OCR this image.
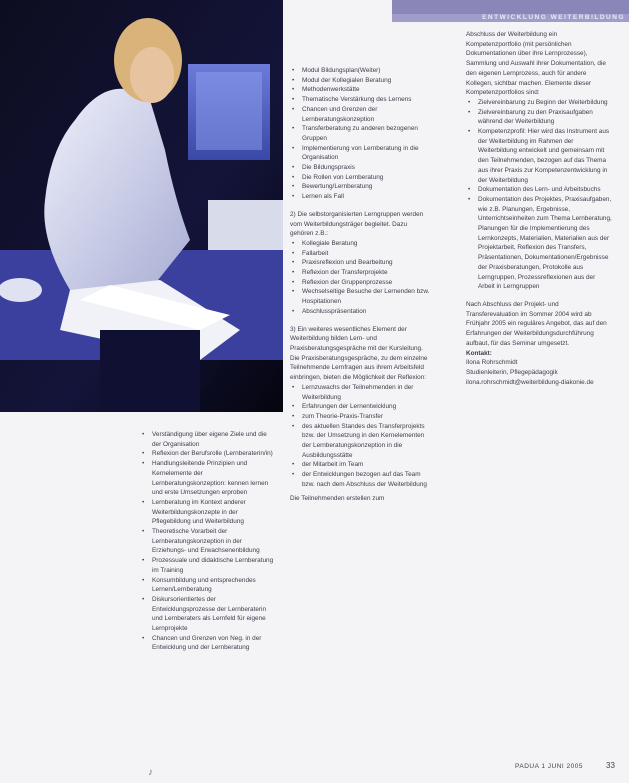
ENTWICKLUNG WEITERBILDUNG
• Verständigung über eigene Ziele und die der Organisation
• Reflexion der Berufsrolle (Lernberaterin/in)
• Handlungsleitende Prinzipien und Kernelemente der Lernberatungskonzeption: kennen lernen und erste Umsetzungen erproben
• Lernberatung im Kontext anderer Weiterbildungskonzepte in der Pflegebildung und Weiterbildung
• Theoretische Vorarbeit der Lernberatungskonzeption in der Erziehungs- und Erwachsenenbildung
• Prozessuale und didaktische Lernberatung im Training
• Konsumbildung und entsprechendes Lernen/Lernberatung
• Diskursorientiertes der Entwicklungsprozesse der Lernberaterin und Lernberaters als Lernfeld für eigene Lernprojekte
• Chancen und Grenzen von Neg. in der Entwicklung und der Lernberatung
• Modul Bildungsplan(Weiter)
• Modul der Kollegialen Beratung
• Methodenwerkstätte
• Thematische Verstärkung des Lernens
• Chancen und Grenzen der Lernberatungskonzeption
• Transferberatung zu anderen bezogenen Gruppen
• Implementierung von Lernberatung in die Organisation
• Die Bildungspraxis
• Die Rollen von Lernberatung
• Bewertung/Lernberatung
• Lernen als Fall

2) Die selbstorganisierten Lerngruppen werden vom Weiterbildungsträger begleitet. Dazu gehören z.B.:

• Kollegiale Beratung
• Fallarbeit
• Praxisreflexion und Bearbeitung
• Reflexion der Transferprojekte
• Reflexion der Gruppenprozesse
• Wechselseitige Besuche der Lernenden bzw. Hospitationen
• Abschlusspräsentation

3) Ein weiteres wesentliches Element der Weiterbildung bilden Lern- und Praxisberatungsgespräche mit der Kursleitung. Die Praxisberatungsgespräche, zu dem einzelne Teilnehmende Lernfragen aus ihrem Arbeitsfeld einbringen, bieten die Möglichkeit der Reflexion:

• Lernzuwachs der Teilnehmenden in der Weiterbildung
• Erfahrungen der Lernentwicklung
• zum Theorie-Praxis-Transfer
• des aktuellen Standes des Transferprojekts bzw. der Umsetzung in den Kernelementen der Lernberatungskonzeption in die Ausbildungsstätte
• der Mitarbeit im Team
• der Entwicklungen bezogen auf das Team bzw. nach dem Abschluss der Weiterbildung

Die Teilnehmenden erstellen zum

Abschluss der Weiterbildung ein Kompetenzportfolio (mit persönlichen Dokumentationen über ihre Lernprozesse), Sammlung und Auswahl ihrer Dokumentation, die den eigenen Lernprozess, auch für andere Kollegen, sichtbar machen. Elemente dieser Kompetenzportfolios sind:

• Zielvereinbarung zu Beginn der Weiterbildung
• Zielvereinbarung zu den Praxisaufgaben während der Weiterbildung
• Kompetenzprofil: Hier wird das Instrument aus der Weiterbildung im Rahmen der Weiterbildung entwickelt und gemeinsam mit den Teilnehmenden, bezogen auf das Thema aus ihrer Praxis zur Kompetenzentwicklung in der Weiterbildung
• Dokumentation des Lern- und Arbeitsbuchs
• Dokumentation des Projektes, Praxisaufgaben, wie z.B. Planungen, Ergebnisse, Unterrichtseinheiten zum Thema Lernberatung, Planungen für die Implementierung des Lernkonzepts, Materialien, Materialien aus der Projektarbeit, Reflexion des Transfers, Präsentationen, Dokumentationen/Ergebnisse der Praxisberatungen, Protokolle aus Lerngruppen, Prozessreflexionen aus der Arbeit in Lerngruppen

Nach Abschluss der Projekt- und Transferevaluation im Sommer 2004 wird ab Frühjahr 2005 ein reguläres Angebot, das auf den Erfahrungen der Weiterbildungsdurchführung aufbaut, für das Seminar umgesetzt.

Kontakt:

Ilona Rohrschmidt

Studienleiterin, Pflegepädagogik

ilona.rohrschmidt@weiterbildung-diakonie.de

♪
PADUA 1 JUNI 2005	33
